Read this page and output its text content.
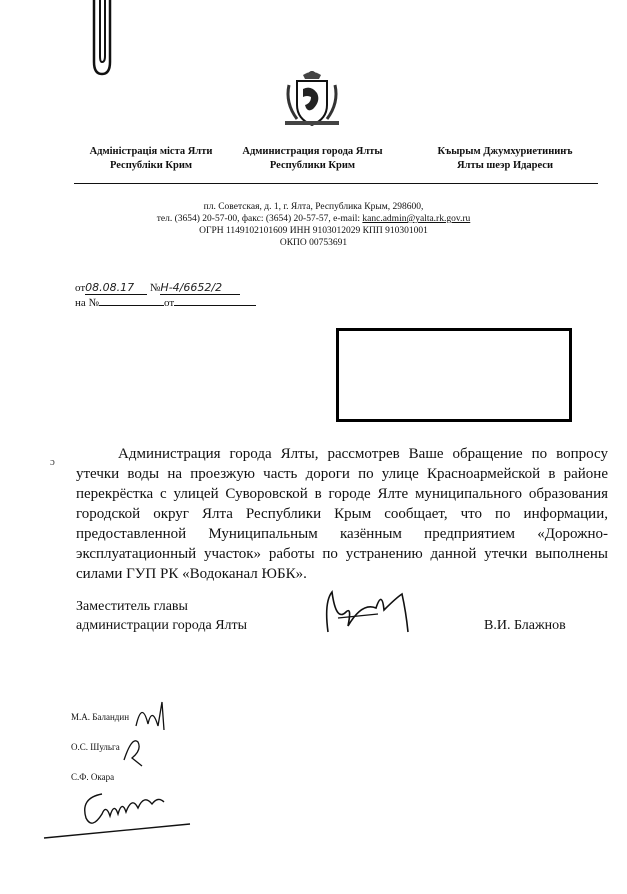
Адміністрація міста Ялти
Республіки Крим
Администрация города Ялты
Республики Крим
Къырым Джумхуриетининъ
Ялты шеэр Идареси
пл. Советская, д. 1, г. Ялта, Республика Крым, 298600,
тел. (3654) 20-57-00, факс: (3654) 20-57-57, e-mail: kanc.admin@yalta.rk.gov.ru
ОГРН 1149102101609 ИНН 9103012029 КПП 910301001
ОКПО 00753691
от08.08.17 №Н-4/6652/2
на №	от
Администрация города Ялты, рассмотрев Ваше обращение по вопросу утечки воды на проезжую часть дороги по улице Красноармейской в районе перекрёстка с улицей Суворовской в городе Ялте муниципального образования городской округ Ялта Республики Крым сообщает, что по информации, предоставленной Муниципальным казённым предприятием «Дорожно-эксплуатационный участок» работы по устранению данной утечки выполнены силами ГУП РК «Водоканал ЮБК».
Заместитель главы
администрации города Ялты	В.И. Блажнов
М.А. Баландин
О.С. Шульга
С.Ф. Окара
ɔ
